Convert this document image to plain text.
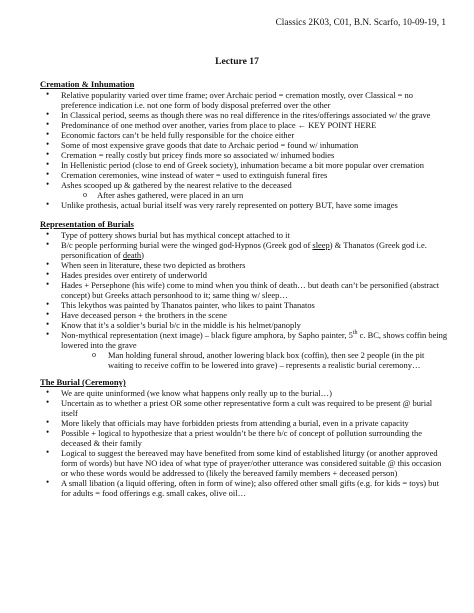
Classics 2K03, C01, B.N. Scarfo, 10-09-19, 1
Lecture 17
Cremation & Inhumation
• Relative popularity varied over time frame; over Archaic period = cremation mostly, over Classical = no preference indication i.e. not one form of body disposal preferred over the other
• In Classical period, seems as though there was no real difference in the rites/offerings associated w/ the grave
• Predominance of one method over another, varies from place to place ← KEY POINT HERE
• Economic factors can’t be held fully responsible for the choice either
• Some of most expensive grave goods that date to Archaic period = found w/ inhumation
• Cremation = really costly but pricey finds more so associated w/ inhumed bodies
• In Hellenistic period (close to end of Greek society), inhumation became a bit more popular over cremation
• Cremation ceremonies, wine instead of water = used to extinguish funeral fires
• Ashes scooped up & gathered by the nearest relative to the deceased
o After ashes gathered, were placed in an urn
• Unlike prothesis, actual burial itself was very rarely represented on pottery BUT, have some images
Representation of Burials
• Type of pottery shows burial but has mythical concept attached to it
• B/c people performing burial were the winged god-Hypnos (Greek god of sleep) & Thanatos (Greek god i.e. personification of death)
• When seen in literature, these two depicted as brothers
• Hades presides over entirety of underworld
• Hades + Persephone (his wife) come to mind when you think of death… but death can’t be personified (abstract concept) but Greeks attach personhood to it; same thing w/ sleep…
• This lekythos was painted by Thanatos painter, who likes to paint Thanatos
• Have deceased person + the brothers in the scene
• Know that it’s a soldier’s burial b/c in the middle is his helmet/panoply
• Non-mythical representation (next image) – black figure amphora, by Sapho painter, 5th c. BC, shows coffin being lowered into the grave
o Man holding funeral shroud, another lowering black box (coffin), then see 2 people (in the pit waiting to receive coffin to be lowered into grave) – represents a realistic burial ceremony…
The Burial (Ceremony)
• We are quite uninformed (we know what happens only really up to the burial…)
• Uncertain as to whether a priest OR some other representative form a cult was required to be present @ burial itself
• More likely that officials may have forbidden priests from attending a burial, even in a private capacity
• Possible + logical to hypothesize that a priest wouldn’t be there b/c of concept of pollution surrounding the deceased & their family
• Logical to suggest the bereaved may have benefited from some kind of established liturgy (or another approved form of words) but have NO idea of what type of prayer/other utterance was considered suitable @ this occasion or who these words would be addressed to (likely the bereaved family members + deceased person)
• A small libation (a liquid offering, often in form of wine); also offered other small gifts (e.g. for kids = toys) but for adults = food offerings e.g. small cakes, olive oil…
